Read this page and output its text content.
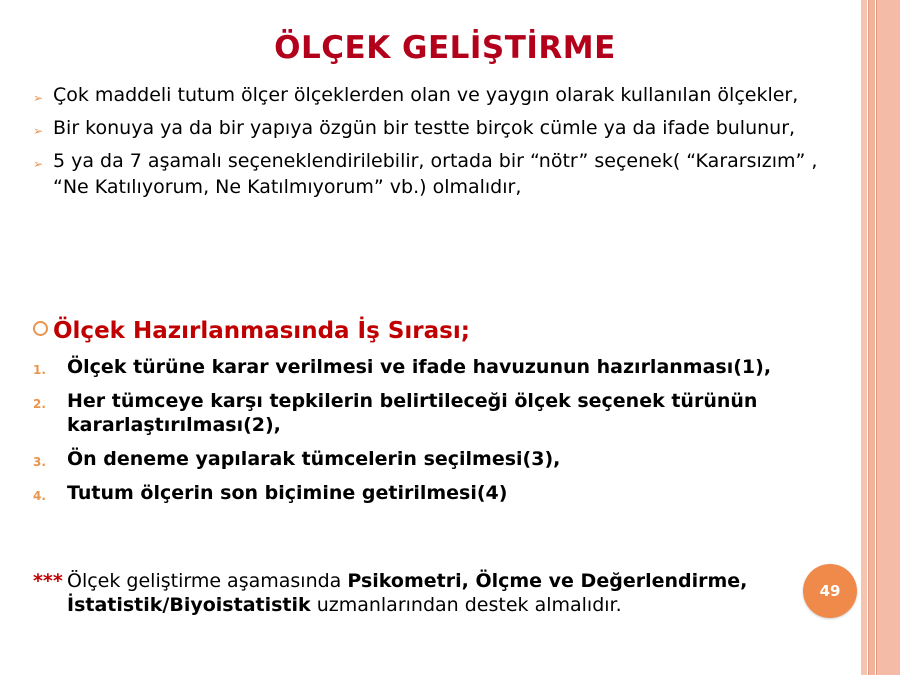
ÖLÇEK GELİŞTİRME
➢ Çok maddeli tutum ölçer ölçeklerden olan ve yaygın olarak kullanılan ölçekler,
➢ Bir konuya ya da bir yapıya özgün bir testte birçok cümle ya da ifade bulunur,
➢ 5 ya da 7 aşamalı seçeneklendirilebilir, ortada bir “nötr” seçenek( “Kararsızım” , “Ne Katılıyorum, Ne Katılmıyorum” vb.) olmalıdır,
Ölçek Hazırlanmasında İş Sırası;
1. Ölçek türüne karar verilmesi ve ifade havuzunun hazırlanması(1),
2. Her tümceye karşı tepkilerin belirtileceği ölçek seçenek türünün kararlaştırılması(2),
3. Ön deneme yapılarak tümcelerin seçilmesi(3),
4. Tutum ölçerin son biçimine getirilmesi(4)
*** Ölçek geliştirme aşamasında Psikometri, Ölçme ve Değerlendirme, İstatistik/Biyoistatistik uzmanlarından destek almalıdır.
49
